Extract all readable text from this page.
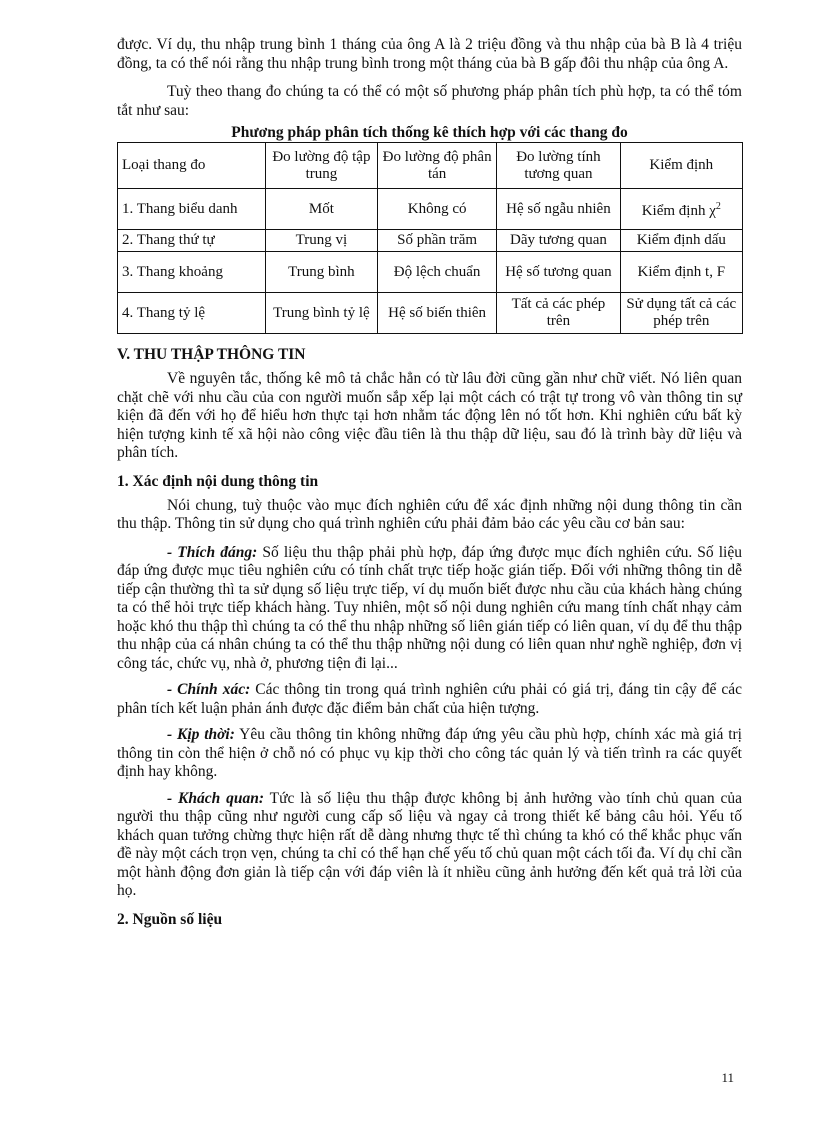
được. Ví dụ, thu nhập trung bình 1 tháng của ông A là 2 triệu đồng và thu nhập của bà B là 4 triệu đồng, ta có thể nói rằng thu nhập trung bình trong một tháng của bà B gấp đôi thu nhập của ông A.

Tuỳ theo thang đo chúng ta có thể có một số phương pháp phân tích phù hợp, ta có thể tóm tắt như sau:

Phương pháp phân tích thống kê thích hợp với các thang đo

Loại thang đo	Đo lường độ tập trung	Đo lường độ phân tán	Đo lường tính tương quan	Kiểm định
1. Thang biểu danh	Mốt	Không có	Hệ số ngẫu nhiên	Kiểm định $\chi^2$
2. Thang thứ tự	Trung vị	Số phần trăm	Dãy tương quan	Kiểm định dấu
3. Thang khoảng	Trung bình	Độ lệch chuẩn	Hệ số tương quan	Kiểm định t, F
4. Thang tỷ lệ	Trung bình tỷ lệ	Hệ số biến thiên	Tất cả các phép trên	Sử dụng tất cả các phép trên

V. THU THẬP THÔNG TIN

Về nguyên tắc, thống kê mô tả chắc hẳn có từ lâu đời cũng gần như chữ viết. Nó liên quan chặt chẽ với nhu cầu của con người muốn sắp xếp lại một cách có trật tự trong vô vàn thông tin sự kiện đã đến với họ để hiểu hơn thực tại hơn nhằm tác động lên nó tốt hơn. Khi nghiên cứu bất kỳ hiện tượng kinh tế xã hội nào công việc đầu tiên là thu thập dữ liệu, sau đó là trình bày dữ liệu và phân tích.

1. Xác định nội dung thông tin

Nói chung, tuỳ thuộc vào mục đích nghiên cứu để xác định những nội dung thông tin cần thu thập. Thông tin sử dụng cho quá trình nghiên cứu phải đảm bảo các yêu cầu cơ bản sau:

- Thích đáng: Số liệu thu thập phải phù hợp, đáp ứng được mục đích nghiên cứu. Số liệu đáp ứng được mục tiêu nghiên cứu có tính chất trực tiếp hoặc gián tiếp. Đối với những thông tin dễ tiếp cận thường thì ta sử dụng số liệu trực tiếp, ví dụ muốn biết được nhu cầu của khách hàng chúng ta có thể hỏi trực tiếp khách hàng. Tuy nhiên, một số nội dung nghiên cứu mang tính chất nhạy cảm hoặc khó thu thập thì chúng ta có thể thu nhập những số liên gián tiếp có liên quan, ví dụ để thu thập thu nhập của cá nhân chúng ta có thể thu thập những nội dung có liên quan như nghề nghiệp, đơn vị công tác, chức vụ, nhà ở, phương tiện đi lại...

- Chính xác: Các thông tin trong quá trình nghiên cứu phải có giá trị, đáng tin cậy để các phân tích kết luận phản ánh được đặc điểm bản chất của hiện tượng.

- Kịp thời: Yêu cầu thông tin không những đáp ứng yêu cầu phù hợp, chính xác mà giá trị thông tin còn thể hiện ở chỗ nó có phục vụ kịp thời cho công tác quản lý và tiến trình ra các quyết định hay không.

- Khách quan: Tức là số liệu thu thập được không bị ảnh hưởng vào tính chủ quan của người thu thập cũng như người cung cấp số liệu và ngay cả trong thiết kế bảng câu hỏi. Yếu tố khách quan tưởng chừng thực hiện rất dễ dàng nhưng thực tế thì chúng ta khó có thể khắc phục vấn đề này một cách trọn vẹn, chúng ta chỉ có thể hạn chế yếu tố chủ quan một cách tối đa. Ví dụ chỉ cần một hành động đơn giản là tiếp cận với đáp viên là ít nhiều cũng ảnh hưởng đến kết quả trả lời của họ.

2. Nguồn số liệu

11
